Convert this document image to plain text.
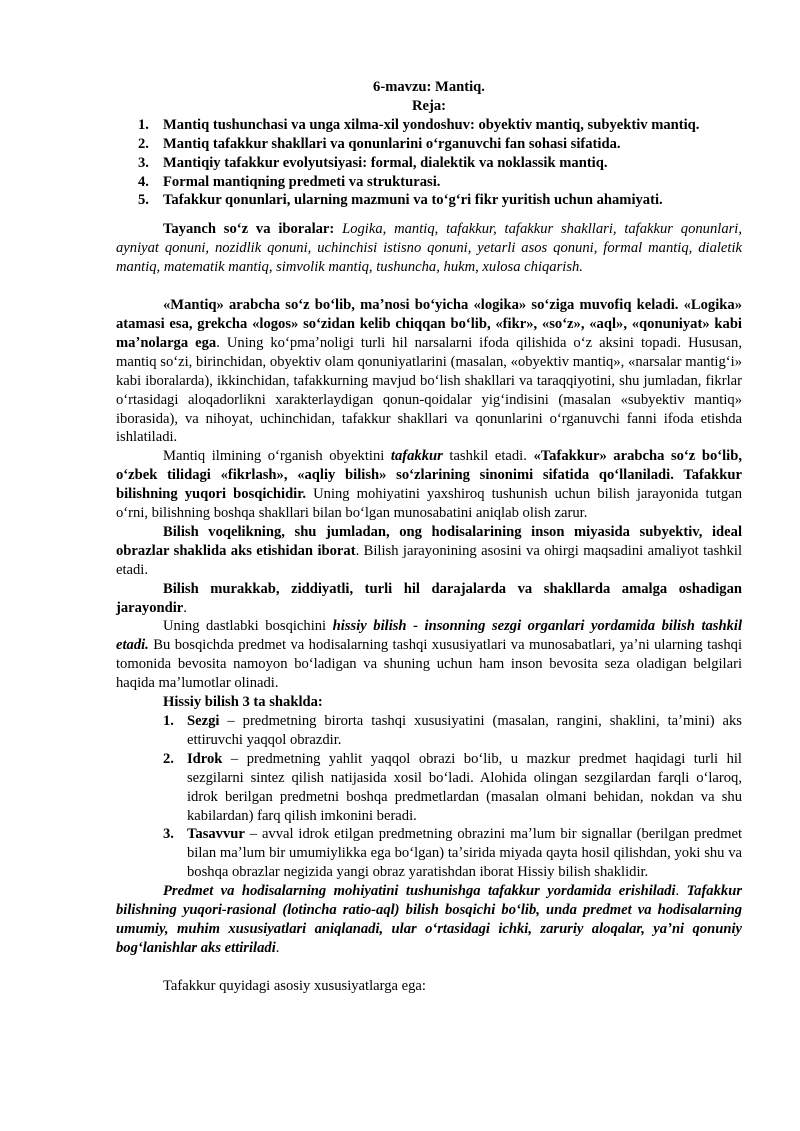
6-mavzu: Mantiq.
Reja:
1. Mantiq tushunchasi va unga xilma-xil yondoshuv: obyektiv mantiq, subyektiv mantiq.
2. Mantiq tafakkur shakllari va qonunlarini oʻrganuvchi fan sohasi sifatida.
3. Mantiqiy tafakkur evolyutsiyasi: formal, dialektik va noklassik mantiq.
4. Formal mantiqning predmeti va strukturasi.
5. Tafakkur qonunlari, ularning mazmuni va toʻgʻri fikr yuritish uchun ahamiyati.

Tayanch soʻz va iboralar: Logika, mantiq, tafakkur, tafakkur shakllari, tafakkur qonunlari, ayniyat qonuni, nozidlik qonuni, uchinchisi istisno qonuni, yetarli asos qonuni, formal mantiq, dialetik mantiq, matematik mantiq, simvolik mantiq, tushuncha, hukm, xulosa chiqarish.

«Mantiq» arabcha soʻz boʻlib, maʼnosi boʻyicha «logika» soʻziga muvofiq keladi. «Logika» atamasi esa, grekcha «logos» soʻzidan kelib chiqqan boʻlib, «fikr», «soʻz», «aql», «qonuniyat» kabi maʼnolarga ega. Uning koʻpmaʼnoligi turli hil narsalarni ifoda qilishida oʻz aksini topadi. Hususan, mantiq soʻzi, birinchidan, obyektiv olam qonuniyatlarini (masalan, «obyektiv mantiq», «narsalar mantigʻi» kabi iboralarda), ikkinchidan, tafakkurning mavjud boʻlish shakllari va taraqqiyotini, shu jumladan, fikrlar oʻrtasidagi aloqadorlikni xarakterlaydigan qonun-qoidalar yigʻindisini (masalan «subyektiv mantiq» iborasida), va nihoyat, uchinchidan, tafakkur shakllari va qonunlarini oʻrganuvchi fanni ifoda etishda ishlatiladi.

Mantiq ilmining oʻrganish obyektini tafakkur tashkil etadi. «Tafakkur» arabcha soʻz boʻlib, oʻzbek tilidagi «fikrlash», «aqliy bilish» soʻzlarining sinonimi sifatida qoʻllaniladi. Tafakkur bilishning yuqori bosqichidir. Uning mohiyatini yaxshiroq tushunish uchun bilish jarayonida tutgan oʻrni, bilishning boshqa shakllari bilan boʻlgan munosabatini aniqlab olish zarur.

Bilish voqelikning, shu jumladan, ong hodisalarining inson miyasida subyektiv, ideal obrazlar shaklida aks etishidan iborat. Bilish jarayonining asosini va ohirgi maqsadini amaliyot tashkil etadi.

Bilish murakkab, ziddiyatli, turli hil darajalarda va shakllarda amalga oshadigan jarayondir.

Uning dastlabki bosqichini hissiy bilish - insonning sezgi organlari yordamida bilish tashkil etadi. Bu bosqichda predmet va hodisalarning tashqi xususiyatlari va munosabatlari, yaʼni ularning tashqi tomonida bevosita namoyon boʻladigan va shuning uchun ham inson bevosita seza oladigan belgilari haqida maʼlumotlar olinadi.

Hissiy bilish 3 ta shaklda:

1. Sezgi – predmetning birorta tashqi xususiyatini (masalan, rangini, shaklini, taʼmini) aks ettiruvchi yaqqol obrazdir.
2. Idrok – predmetning yahlit yaqqol obrazi boʻlib, u mazkur predmet haqidagi turli hil sezgilarni sintez qilish natijasida xosil boʻladi. Alohida olingan sezgilardan farqli oʻlaroq, idrok berilgan predmetni boshqa predmetlardan (masalan olmani behidan, nokdan va shu kabilardan) farq qilish imkonini beradi.
3. Tasavvur – avval idrok etilgan predmetning obrazini maʼlum bir signallar (berilgan predmet bilan maʼlum bir umumiylikka ega boʻlgan) taʼsirida miyada qayta hosil qilishdan, yoki shu va boshqa obrazlar negizida yangi obraz yaratishdan iborat Hissiy bilish shaklidir.

Predmet va hodisalarning mohiyatini tushunishga tafakkur yordamida erishiladi. Tafakkur bilishning yuqori-rasional (lotincha ratio-aql) bilish bosqichi boʻlib, unda predmet va hodisalarning umumiy, muhim xususiyatlari aniqlanadi, ular oʻrtasidagi ichki, zaruriy aloqalar, yaʼni qonuniy bogʻlanishlar aks ettiriladi.

Tafakkur quyidagi asosiy xususiyatlarga ega:
